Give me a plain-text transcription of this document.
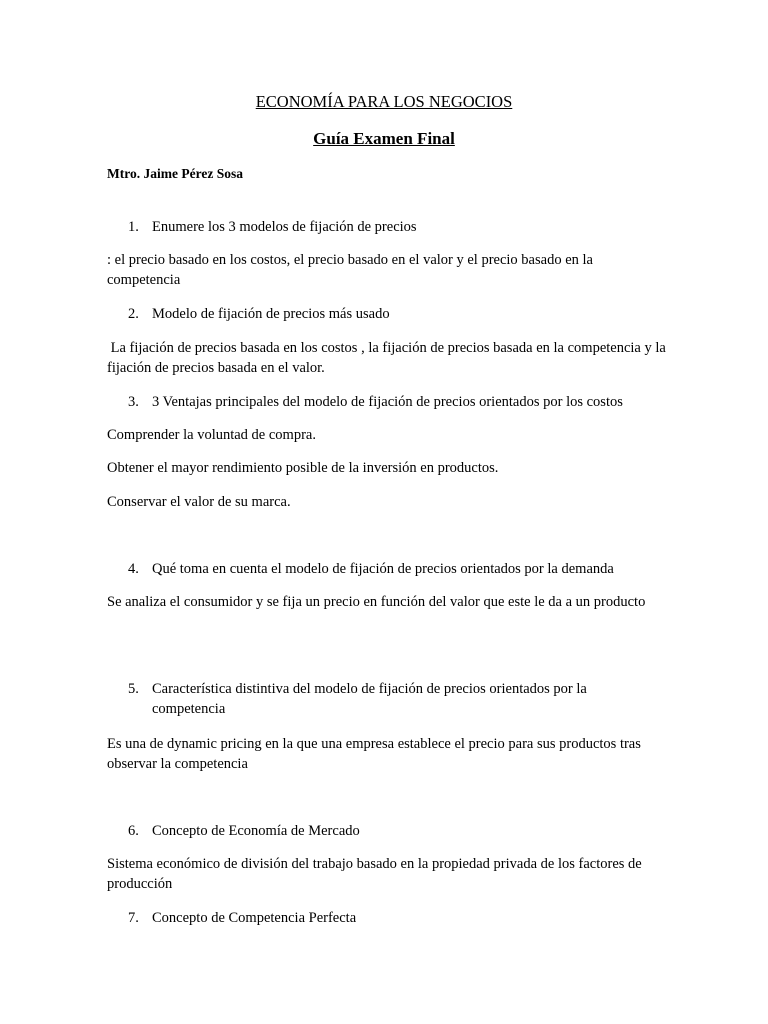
ECONOMÍA PARA LOS NEGOCIOS
Guía Examen Final
Mtro. Jaime Pérez Sosa
1. Enumere los 3 modelos de fijación de precios

: el precio basado en los costos, el precio basado en el valor y el precio basado en la competencia

2. Modelo de fijación de precios más usado

La fijación de precios basada en los costos , la fijación de precios basada en la competencia y la fijación de precios basada en el valor.

3. 3 Ventajas principales del modelo de fijación de precios orientados por los costos

Comprender la voluntad de compra.

Obtener el mayor rendimiento posible de la inversión en productos.

Conservar el valor de su marca.

4. Qué toma en cuenta el modelo de fijación de precios orientados por la demanda

Se analiza el consumidor y se fija un precio en función del valor que este le da a un producto

5. Característica distintiva del modelo de fijación de precios orientados por la competencia

Es una de dynamic pricing en la que una empresa establece el precio para sus productos tras observar la competencia

6. Concepto de Economía de Mercado

Sistema económico de división del trabajo basado en la propiedad privada de los factores de producción

7. Concepto de Competencia Perfecta
